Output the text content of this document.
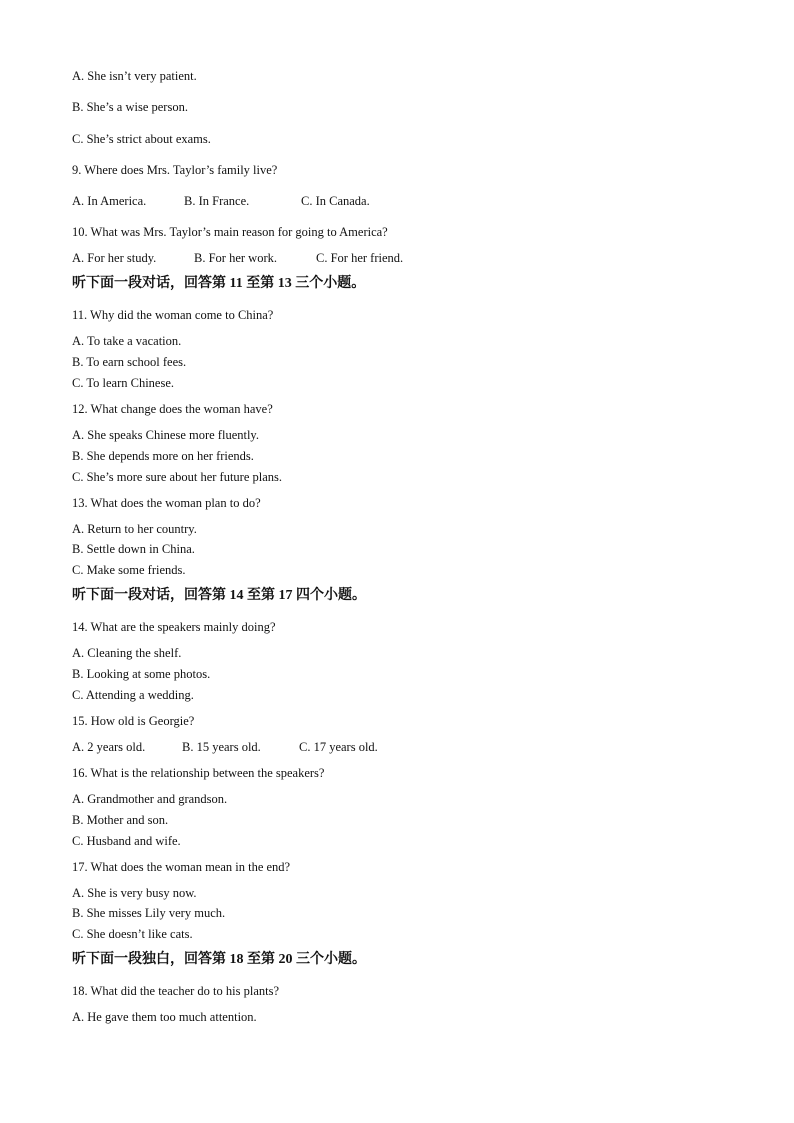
A. She isn’t very patient.
B. She’s a wise person.
C. She’s strict about exams.
9. Where does Mrs. Taylor’s family live?
A. In America.	B. In France.	C. In Canada.
10. What was Mrs. Taylor’s main reason for going to America?
A. For her study.	B. For her work.	C. For her friend.
听下面一段对话，回答第 11 至第 13 三个小题。
11. Why did the woman come to China?
A. To take a vacation.
B. To earn school fees.
C. To learn Chinese.
12. What change does the woman have?
A. She speaks Chinese more fluently.
B. She depends more on her friends.
C. She’s more sure about her future plans.
13. What does the woman plan to do?
A. Return to her country.
B. Settle down in China.
C. Make some friends.
听下面一段对话，回答第 14 至第 17 四个小题。
14. What are the speakers mainly doing?
A. Cleaning the shelf.
B. Looking at some photos.
C. Attending a wedding.
15. How old is Georgie?
A. 2 years old.	B. 15 years old.	C. 17 years old.
16. What is the relationship between the speakers?
A. Grandmother and grandson.
B. Mother and son.
C. Husband and wife.
17. What does the woman mean in the end?
A. She is very busy now.
B. She misses Lily very much.
C. She doesn’t like cats.
听下面一段独白，回答第 18 至第 20 三个小题。
18. What did the teacher do to his plants?
A. He gave them too much attention.
